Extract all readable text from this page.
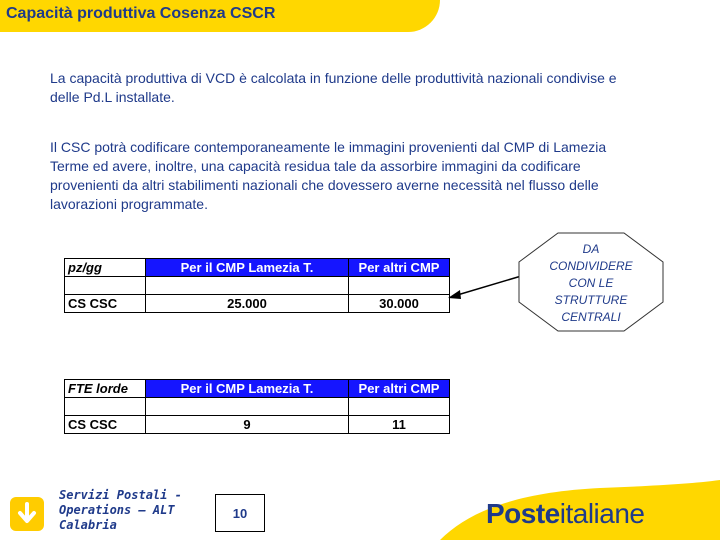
Capacità produttiva Cosenza CSCR
La capacità produttiva di VCD è calcolata in funzione delle produttività nazionali condivise e delle Pd.L installate.
Il CSC potrà codificare contemporaneamente le immagini provenienti dal CMP di Lamezia Terme ed avere, inoltre, una capacità residua tale da assorbire immagini da codificare provenienti da altri stabilimenti nazionali che dovessero averne necessità nel flusso delle lavorazioni programmate.
pz/gg	Per il CMP Lamezia T.	Per altri CMP

CS CSC	25.000	30.000
FTE lorde	Per il CMP Lamezia T.	Per altri CMP

CS CSC	9	11
DA
CONDIVIDERE
CON LE
STRUTTURE
CENTRALI
Servizi Postali -
Operations – ALT
Calabria
10	Posteitaliane
